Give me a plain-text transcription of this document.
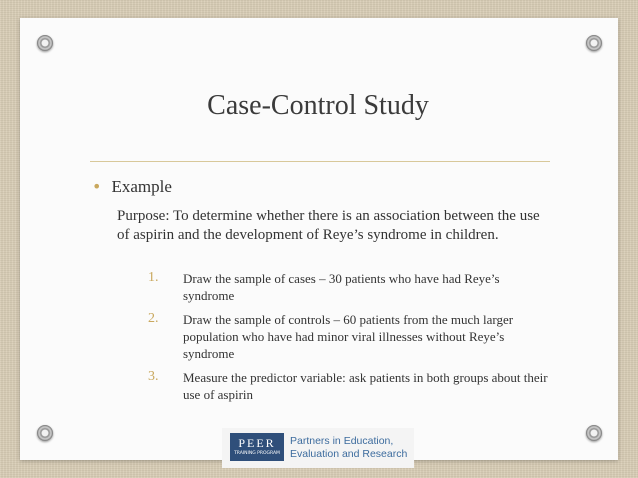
Case-Control Study
• Example
Purpose: To determine whether there is an association between the use of aspirin and the development of Reye’s syndrome in children.
1. Draw the sample of cases – 30 patients who have had Reye’s syndrome
2. Draw the sample of controls – 60 patients from the much larger population who have had minor viral illnesses without Reye’s syndrome
3. Measure the predictor variable: ask patients in both groups about their use of aspirin
PEER
TRAINING PROGRAM
Partners in Education, Evaluation and Research
